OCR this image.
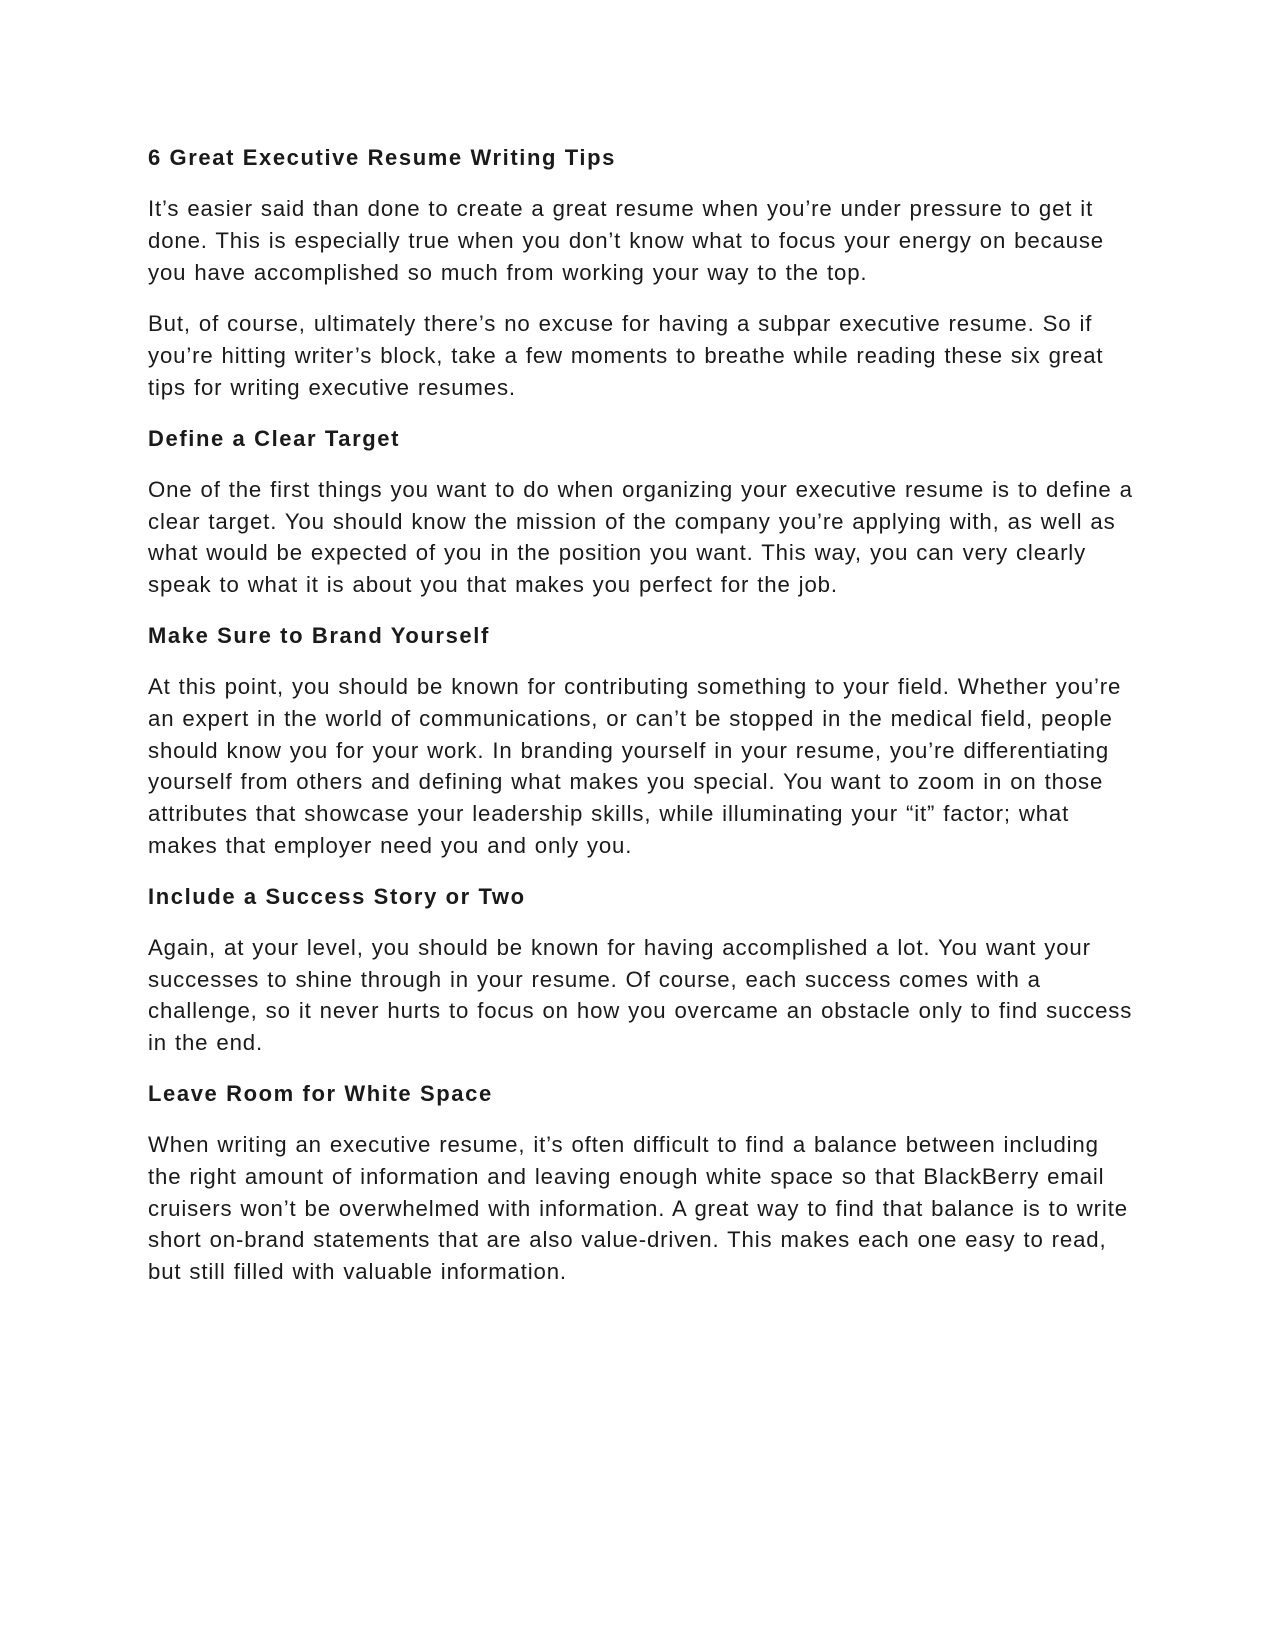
6 Great Executive Resume Writing Tips

It’s easier said than done to create a great resume when you’re under pressure to get it done. This is especially true when you don’t know what to focus your energy on because you have accomplished so much from working your way to the top.

But, of course, ultimately there’s no excuse for having a subpar executive resume. So if you’re hitting writer’s block, take a few moments to breathe while reading these six great tips for writing executive resumes.

Define a Clear Target

One of the first things you want to do when organizing your executive resume is to define a clear target. You should know the mission of the company you’re applying with, as well as what would be expected of you in the position you want. This way, you can very clearly speak to what it is about you that makes you perfect for the job.

Make Sure to Brand Yourself

At this point, you should be known for contributing something to your field. Whether you’re an expert in the world of communications, or can’t be stopped in the medical field, people should know you for your work. In branding yourself in your resume, you’re differentiating yourself from others and defining what makes you special. You want to zoom in on those attributes that showcase your leadership skills, while illuminating your “it” factor; what makes that employer need you and only you.

Include a Success Story or Two

Again, at your level, you should be known for having accomplished a lot. You want your successes to shine through in your resume. Of course, each success comes with a challenge, so it never hurts to focus on how you overcame an obstacle only to find success in the end.

Leave Room for White Space

When writing an executive resume, it’s often difficult to find a balance between including the right amount of information and leaving enough white space so that BlackBerry email cruisers won’t be overwhelmed with information. A great way to find that balance is to write short on-brand statements that are also value-driven. This makes each one easy to read, but still filled with valuable information.
